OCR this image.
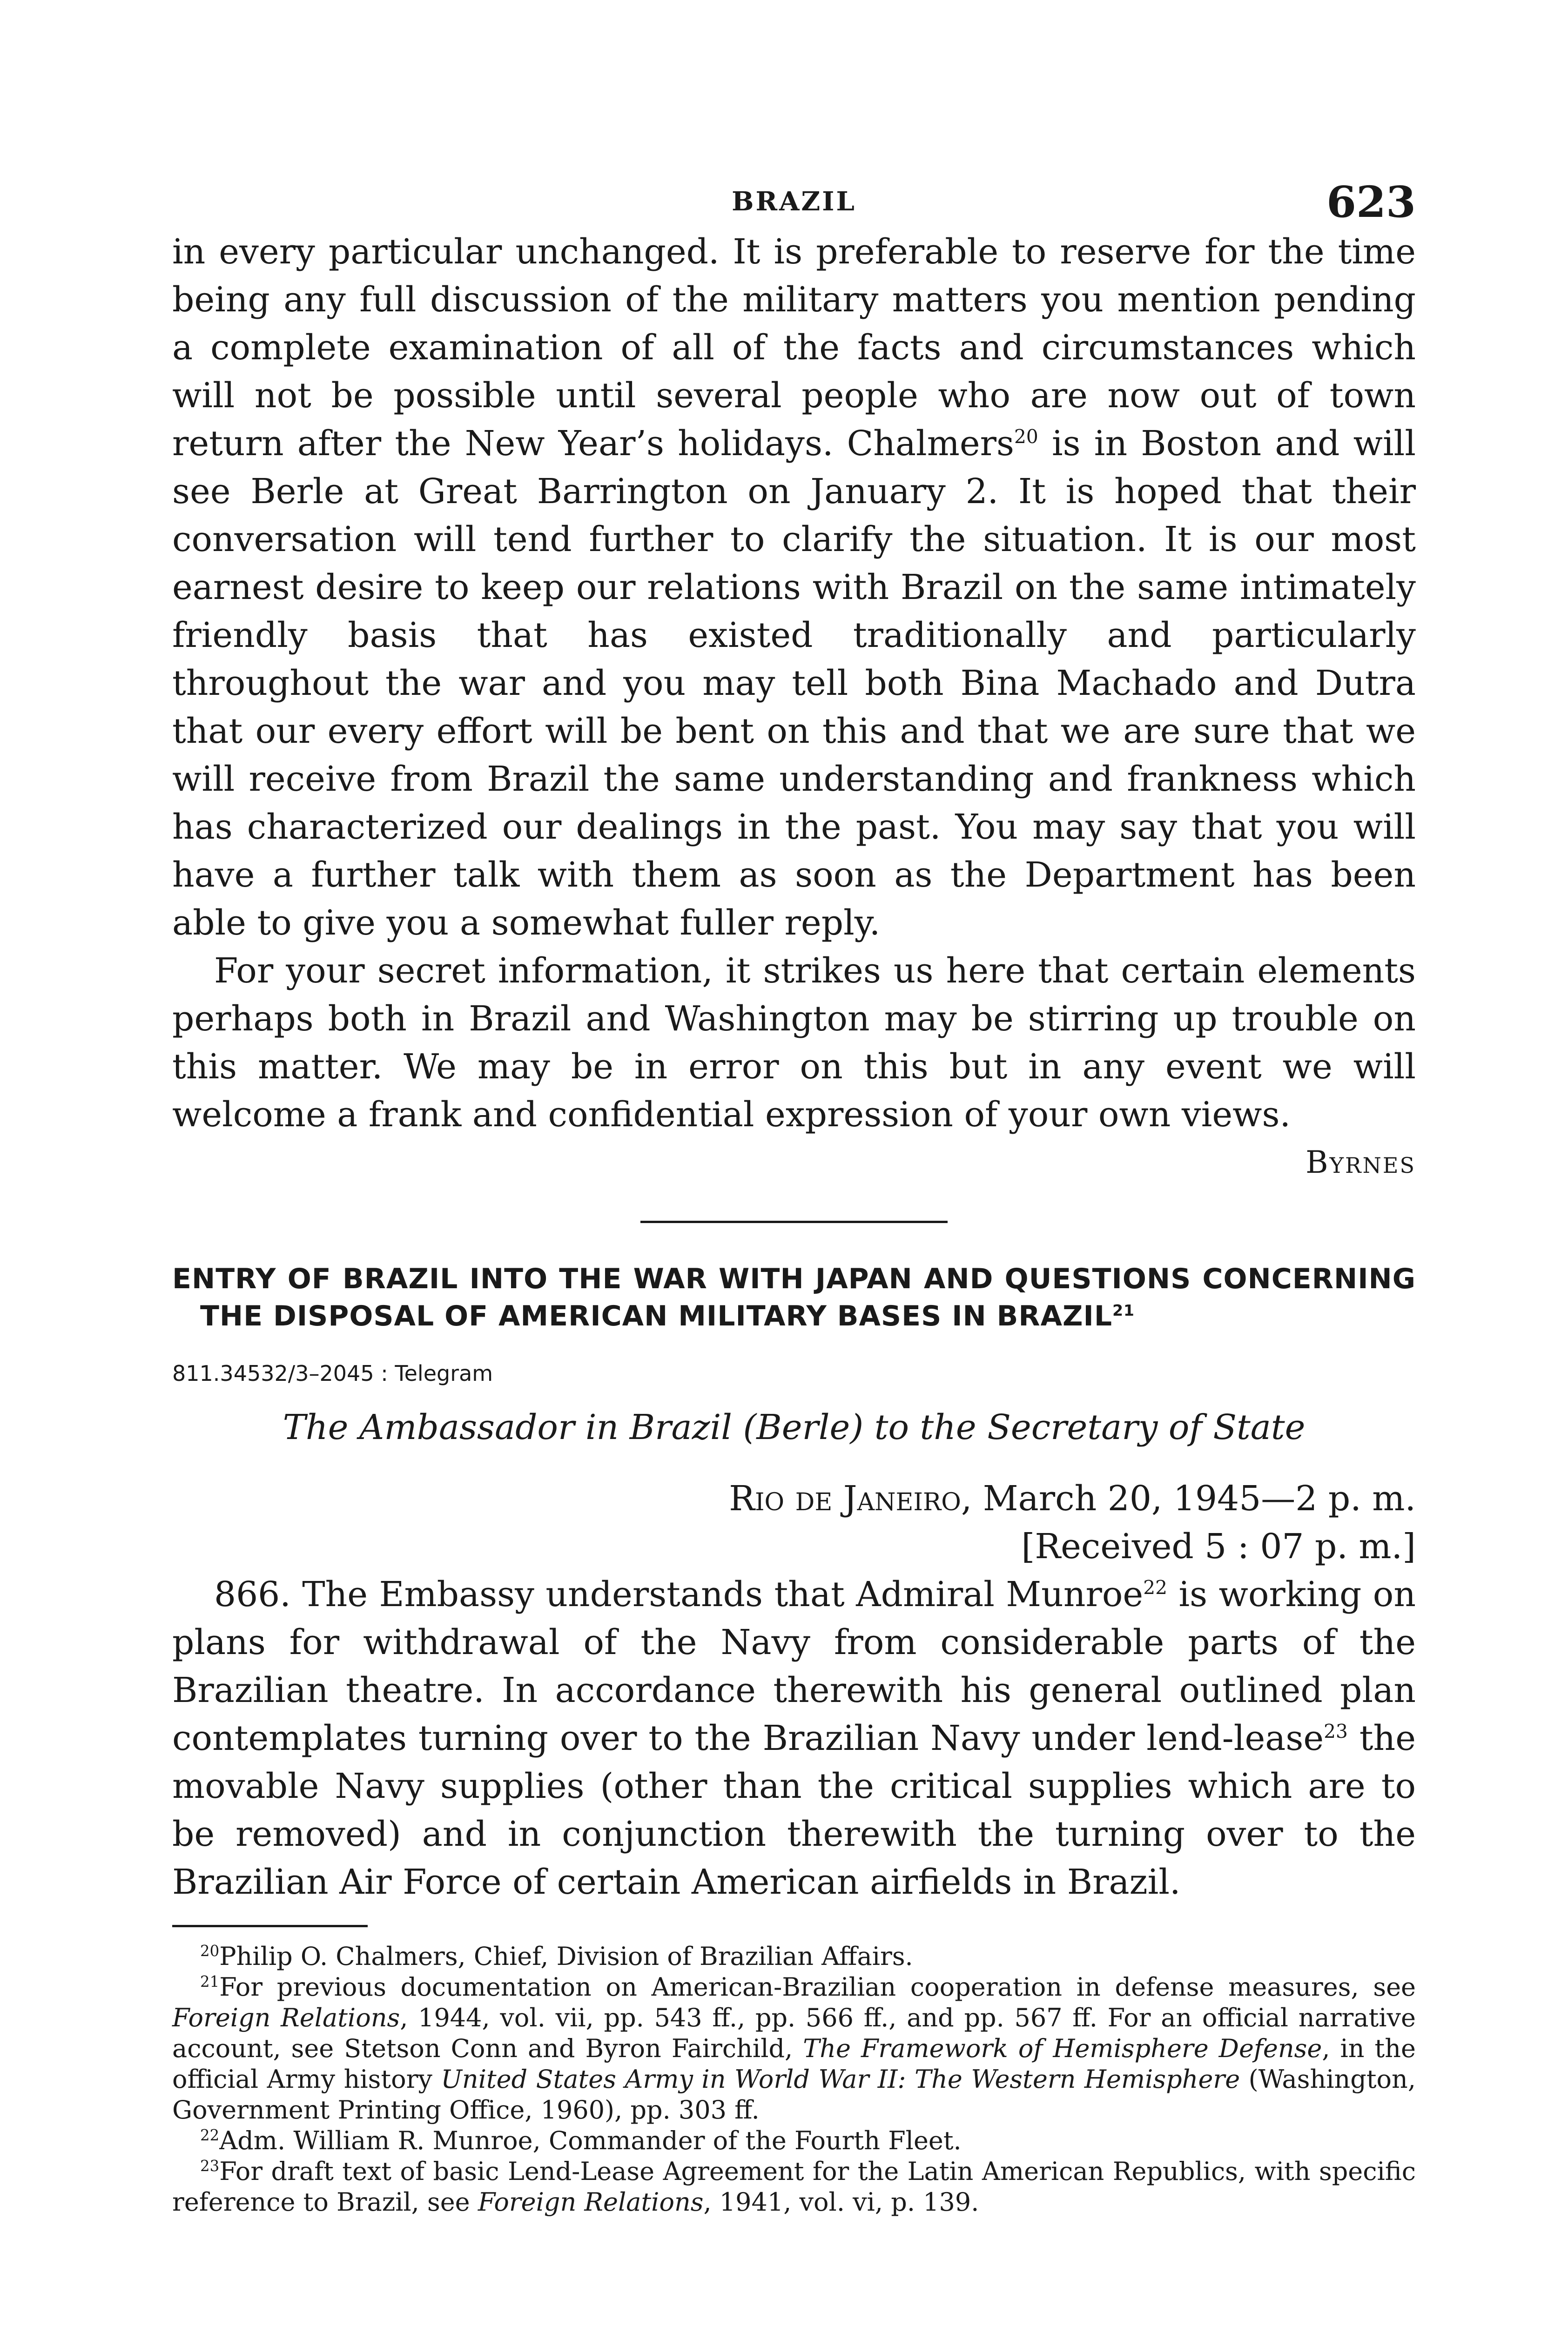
BRAZIL	623

in every particular unchanged. It is preferable to reserve for the time being any full discussion of the military matters you mention pending a complete examination of all of the facts and circumstances which will not be possible until several people who are now out of town return after the New Year’s holidays. Chalmers$^{20}$ is in Boston and will see Berle at Great Barrington on January 2. It is hoped that their conversation will tend further to clarify the situation. It is our most earnest desire to keep our relations with Brazil on the same intimately friendly basis that has existed traditionally and particularly throughout the war and you may tell both Bina Machado and Dutra that our every effort will be bent on this and that we are sure that we will receive from Brazil the same understanding and frankness which has characterized our dealings in the past. You may say that you will have a further talk with them as soon as the Department has been able to give you a somewhat fuller reply.

For your secret information, it strikes us here that certain elements perhaps both in Brazil and Washington may be stirring up trouble on this matter. We may be in error on this but in any event we will welcome a frank and confidential expression of your own views.

Byrnes
ENTRY OF BRAZIL INTO THE WAR WITH JAPAN AND QUESTIONS CONCERNING THE DISPOSAL OF AMERICAN MILITARY BASES IN BRAZIL$^{21}$
811.34532/3–2045 : Telegram
The Ambassador in Brazil (Berle) to the Secretary of State
Rio de Janeiro, March 20, 1945—2 p. m.
[Received 5 : 07 p. m.]

866. The Embassy understands that Admiral Munroe$^{22}$ is working on plans for withdrawal of the Navy from considerable parts of the Brazilian theatre. In accordance therewith his general outlined plan contemplates turning over to the Brazilian Navy under lend-lease$^{23}$ the movable Navy supplies (other than the critical supplies which are to be removed) and in conjunction therewith the turning over to the Brazilian Air Force of certain American airfields in Brazil.

$^{20}$Philip O. Chalmers, Chief, Division of Brazilian Affairs.

$^{21}$For previous documentation on American-Brazilian cooperation in defense measures, see Foreign Relations, 1944, vol. vii, pp. 543 ff., pp. 566 ff., and pp. 567 ff. For an official narrative account, see Stetson Conn and Byron Fairchild, The Framework of Hemisphere Defense, in the official Army history United States Army in World War II: The Western Hemisphere (Washington, Government Printing Office, 1960), pp. 303 ff.

$^{22}$Adm. William R. Munroe, Commander of the Fourth Fleet.

$^{23}$For draft text of basic Lend-Lease Agreement for the Latin American Republics, with specific reference to Brazil, see Foreign Relations, 1941, vol. vi, p. 139.
